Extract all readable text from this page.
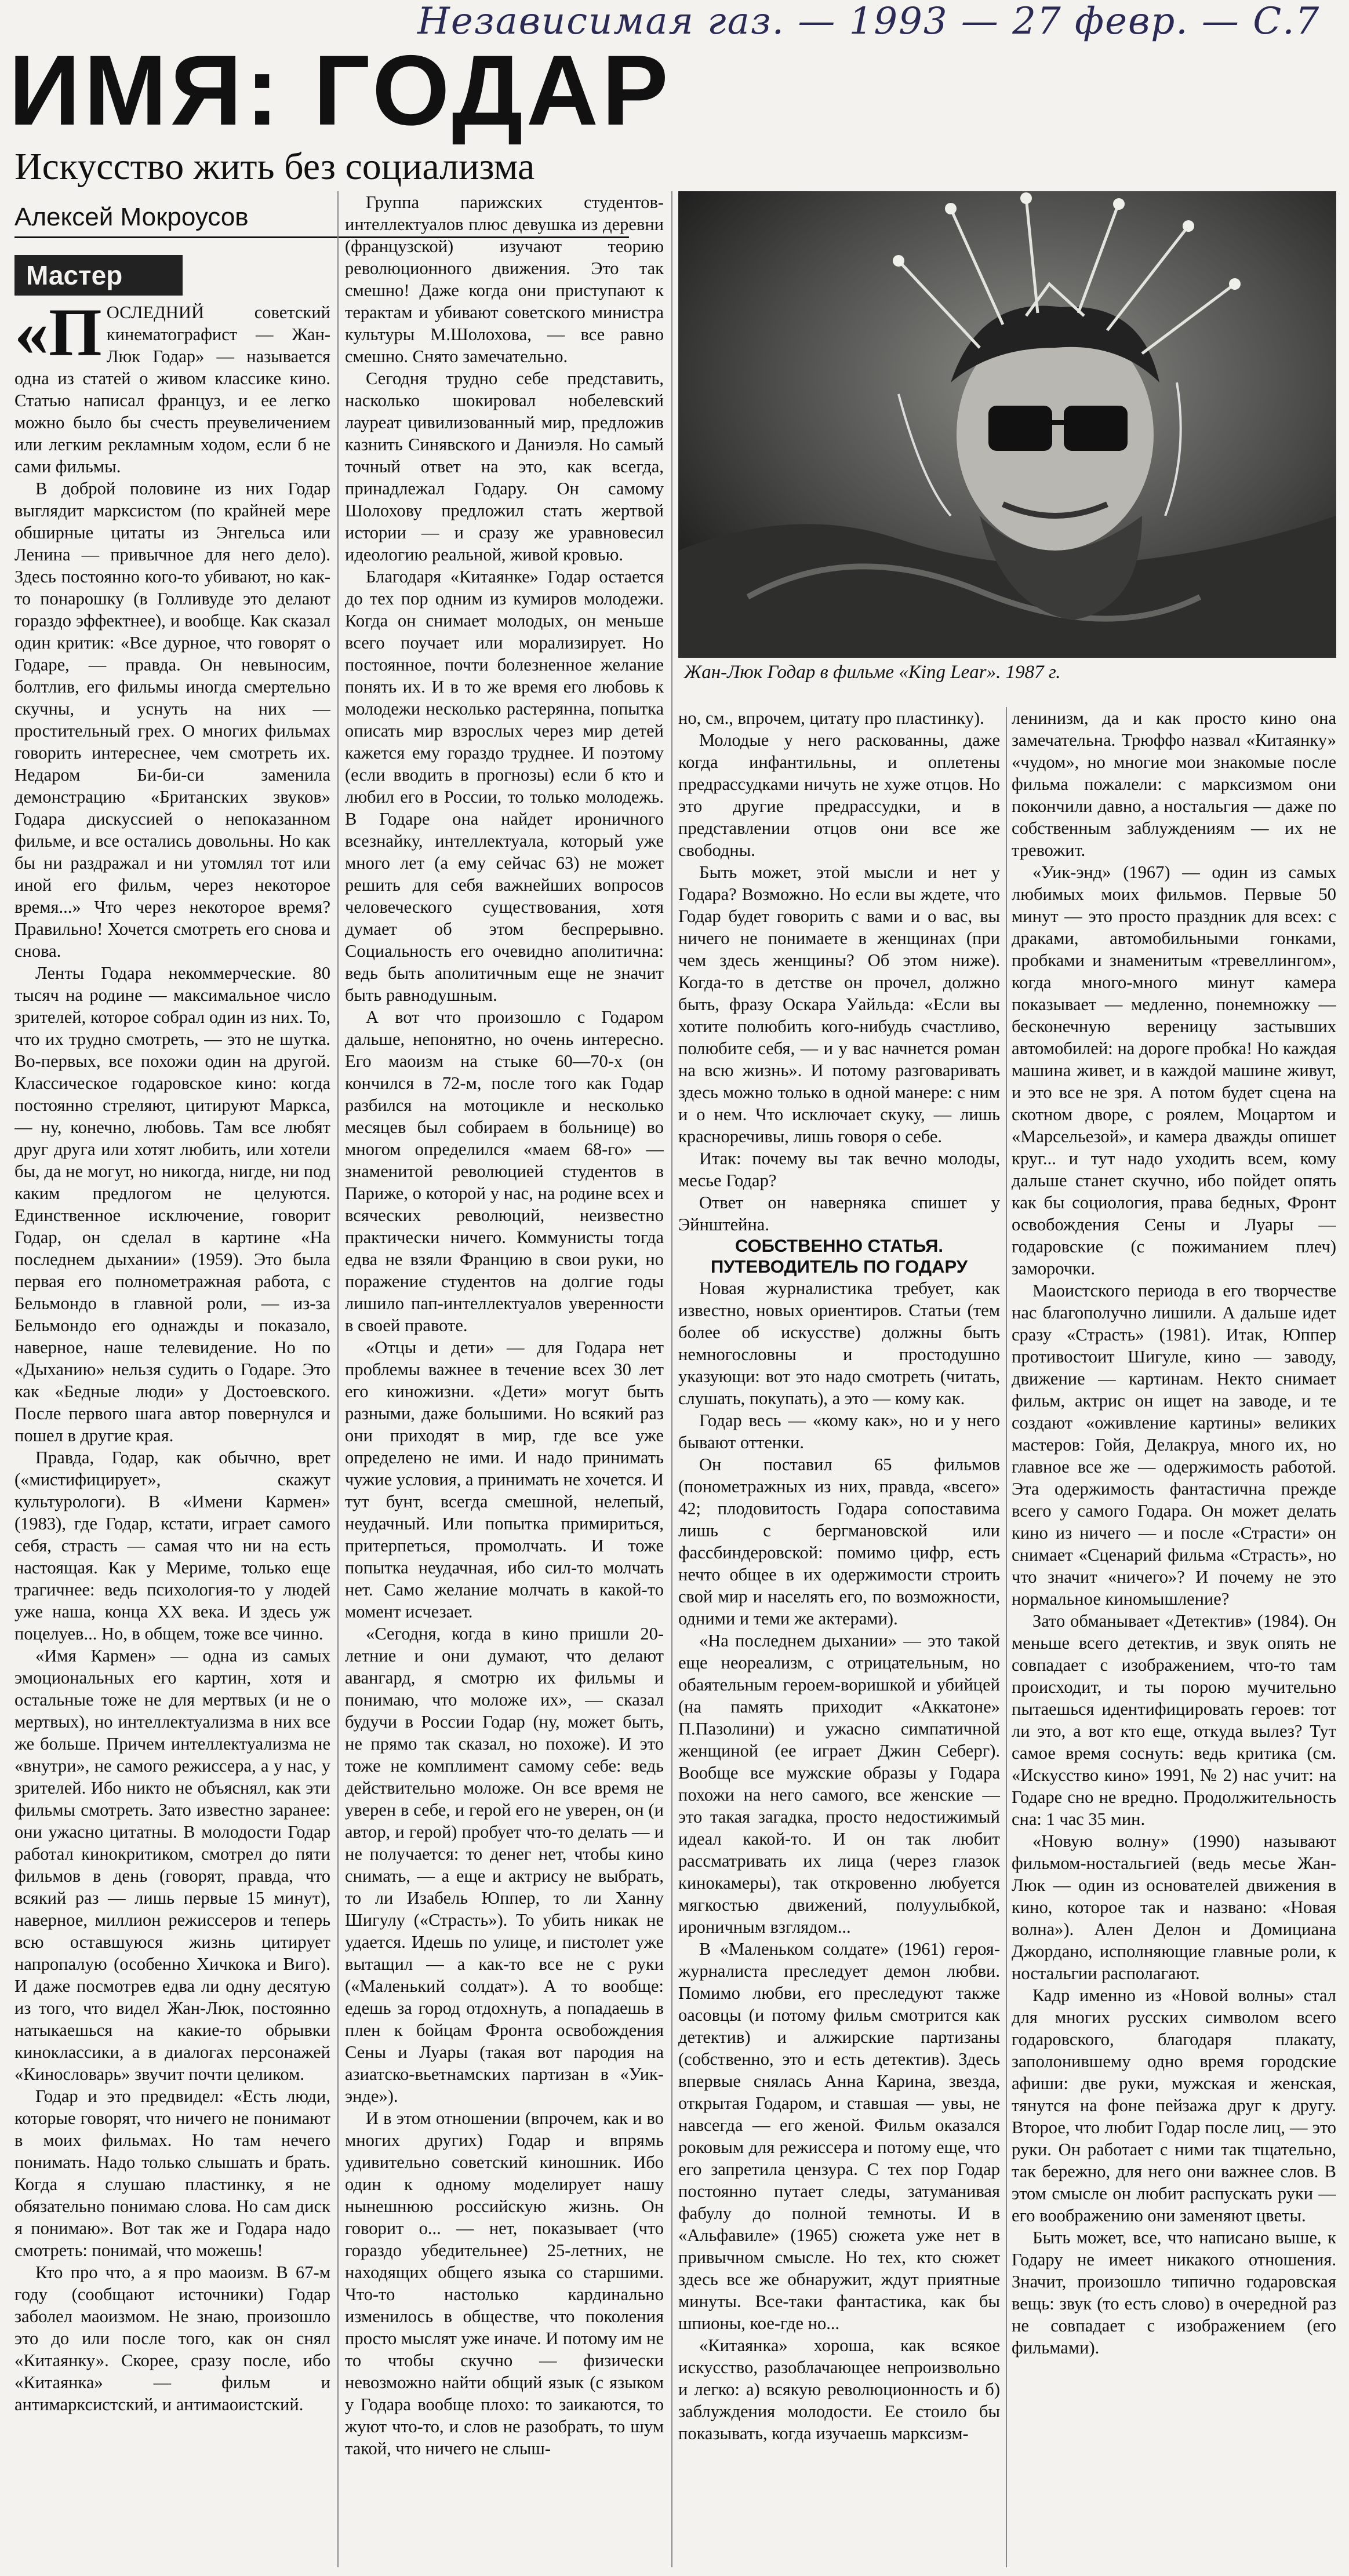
Независимая газ. — 1993 — 27 февр. — С.7
ИМЯ: ГОДАР
Искусство жить без социализма
Алексей Мокроусов
Мастер
Жан-Люк Годар в фильме «King Lear». 1987 г.

«П ОСЛЕДНИЙ советский кинематографист — Жан-Люк Годар» — называется одна из статей о живом классике кино. Статью написал француз, и ее легко можно было бы счесть преувеличением или легким рекламным ходом, если б не сами фильмы.

В доброй половине из них Годар выглядит марксистом (по крайней мере обширные цитаты из Энгельса или Ленина — привычное для него дело). Здесь постоянно кого-то убивают, но как-то понарошку (в Голливуде это делают гораздо эффектнее), и вообще. Как сказал один критик: «Все дурное, что говорят о Годаре, — правда. Он невыносим, болтлив, его фильмы иногда смертельно скучны, и уснуть на них — простительный грех. О многих фильмах говорить интереснее, чем смотреть их. Недаром Би-би-си заменила демонстрацию «Британских звуков» Годара дискуссией о непоказанном фильме, и все остались довольны. Но как бы ни раздражал и ни утомлял тот или иной его фильм, через некоторое время...» Что через некоторое время? Правильно! Хочется смотреть его снова и снова.

Ленты Годара некоммерческие. 80 тысяч на родине — максимальное число зрителей, которое собрал один из них. То, что их трудно смотреть, — это не шутка. Во-первых, все похожи один на другой. Классическое годаровское кино: когда постоянно стреляют, цитируют Маркса, — ну, конечно, любовь. Там все любят друг друга или хотят любить, или хотели бы, да не могут, но никогда, нигде, ни под каким предлогом не целуются. Единственное исключение, говорит Годар, он сделал в картине «На последнем дыхании» (1959). Это была первая его полнометражная работа, с Бельмондо в главной роли, — из-за Бельмондо его однажды и показало, наверное, наше телевидение. Но по «Дыханию» нельзя судить о Годаре. Это как «Бедные люди» у Достоевского. После первого шага автор повернулся и пошел в другие края.

Правда, Годар, как обычно, врет («мистифицирует», скажут культурологи). В «Имени Кармен» (1983), где Годар, кстати, играет самого себя, страсть — самая что ни на есть настоящая. Как у Мериме, только еще трагичнее: ведь психология-то у людей уже наша, конца XX века. И здесь уж поцелуев... Но, в общем, тоже все чинно.

«Имя Кармен» — одна из самых эмоциональных его картин, хотя и остальные тоже не для мертвых (и не о мертвых), но интеллектуализма в них все же больше. Причем интеллектуализма не «внутри», не самого режиссера, а у нас, у зрителей. Ибо никто не объяснял, как эти фильмы смотреть. Зато известно заранее: они ужасно цитатны. В молодости Годар работал кинокритиком, смотрел до пяти фильмов в день (говорят, правда, что всякий раз — лишь первые 15 минут), наверное, миллион режиссеров и теперь всю оставшуюся жизнь цитирует напропалую (особенно Хичкока и Виго). И даже посмотрев едва ли одну десятую из того, что видел Жан-Люк, постоянно натыкаешься на какие-то обрывки киноклассики, а в диалогах персонажей «Киноcловарь» звучит почти целиком.

Годар и это предвидел: «Есть люди, которые говорят, что ничего не понимают в моих фильмах. Но там нечего понимать. Надо только слышать и брать. Когда я слушаю пластинку, я не обязательно понимаю слова. Но сам диск я понимаю». Вот так же и Годара надо смотреть: понимай, что можешь!

Кто про что, а я про маоизм. В 67-м году (сообщают источники) Годар заболел маоизмом. Не знаю, произошло это до или после того, как он снял «Китаянку». Скорее, сразу после, ибо «Китаянка» — фильм и антимарксистский, и антимаоистский.

Группа парижских студентов-интеллектуалов плюс девушка из деревни (французской) изучают теорию революционного движения. Это так смешно! Даже когда они приступают к терактам и убивают советского министра культуры М.Шолохова, — все равно смешно. Снято замечательно.

Сегодня трудно себе представить, насколько шокировал нобелевский лауреат цивилизованный мир, предложив казнить Синявского и Даниэля. Но самый точный ответ на это, как всегда, принадлежал Годару. Он самому Шолохову предложил стать жертвой истории — и сразу же уравновесил идеологию реальной, живой кровью.

Благодаря «Китаянке» Годар остается до тех пор одним из кумиров молодежи. Когда он снимает молодых, он меньше всего поучает или морализирует. Но постоянное, почти болезненное желание понять их. И в то же время его любовь к молодежи несколько растерянна, попытка описать мир взрослых через мир детей кажется ему гораздо труднее. И поэтому (если вводить в прогнозы) если б кто и любил его в России, то только молодежь. В Годаре она найдет ироничного всезнайку, интеллектуала, который уже много лет (а ему сейчас 63) не может решить для себя важнейших вопросов человеческого существования, хотя думает об этом беспрерывно. Социальность его очевидно аполитична: ведь быть аполитичным еще не значит быть равнодушным.

А вот что произошло с Годаром дальше, непонятно, но очень интересно. Его маоизм на стыке 60—70-х (он кончился в 72-м, после того как Годар разбился на мотоцикле и несколько месяцев был собираем в больнице) во многом определился «маем 68-го» — знаменитой революцией студентов в Париже, о которой у нас, на родине всех и всяческих революций, неизвестно практически ничего. Коммунисты тогда едва не взяли Францию в свои руки, но поражение студентов на долгие годы лишило пап-интеллектуалов уверенности в своей правоте.

«Отцы и дети» — для Годара нет проблемы важнее в течение всех 30 лет его киножизни. «Дети» могут быть разными, даже большими. Но всякий раз они приходят в мир, где все уже определено не ими. И надо принимать чужие условия, а принимать не хочется. И тут бунт, всегда смешной, нелепый, неудачный. Или попытка примириться, притерпеться, промолчать. И тоже попытка неудачная, ибо сил-то молчать нет. Само желание молчать в какой-то момент исчезает.

«Сегодня, когда в кино пришли 20-летние и они думают, что делают авангард, я смотрю их фильмы и понимаю, что моложе их», — сказал будучи в России Годар (ну, может быть, не прямо так сказал, но похоже). И это тоже не комплимент самому себе: ведь действительно моложе. Он все время не уверен в себе, и герой его не уверен, он (и автор, и герой) пробует что-то делать — и не получается: то денег нет, чтобы кино снимать, — а еще и актрису не выбрать, то ли Изабель Юппер, то ли Ханну Шигулу («Страсть»). То убить никак не удается. Идешь по улице, и пистолет уже вытащил — а как-то все не с руки («Маленький солдат»). А то вообще: едешь за город отдохнуть, а попадаешь в плен к бойцам Фронта освобождения Сены и Луары (такая вот пародия на азиатско-вьетнамских партизан в «Уик-энде»).

И в этом отношении (впрочем, как и во многих других) Годар и впрямь удивительно советский киношник. Ибо один к одному моделирует нашу нынешнюю российскую жизнь. Он говорит о... — нет, показывает (что гораздо убедительнее) 25-летних, не находящих общего языка со старшими. Что-то настолько кардинально изменилось в обществе, что поколения просто мыслят уже иначе. И потому им не то чтобы скучно — физически невозможно найти общий язык (с языком у Годара вообще плохо: то заикаются, то жуют что-то, и слов не разобрать, то шум такой, что ничего не слыш-

но, см., впрочем, цитату про пластинку).

Молодые у него раскованны, даже когда инфантильны, и оплетены предрассудками ничуть не хуже отцов. Но это другие предрассудки, и в представлении отцов они все же свободны.

Быть может, этой мысли и нет у Годара? Возможно. Но если вы ждете, что Годар будет говорить с вами и о вас, вы ничего не понимаете в женщинах (при чем здесь женщины? Об этом ниже). Когда-то в детстве он прочел, должно быть, фразу Оскара Уайльда: «Если вы хотите полюбить кого-нибудь счастливо, полюбите себя, — и у вас начнется роман на всю жизнь». И потому разговаривать здесь можно только в одной манере: с ним и о нем. Что исключает скуку, — лишь красноречивы, лишь говоря о себе.

Итак: почему вы так вечно молоды, месье Годар?

Ответ он наверняка спишет у Эйнштейна.

СОБСТВЕННО СТАТЬЯ. ПУТЕВОДИТЕЛЬ ПО ГОДАРУ

Новая журналистика требует, как известно, новых ориентиров. Статьи (тем более об искусстве) должны быть немногословны и простодушно указующи: вот это надо смотреть (читать, слушать, покупать), а это — кому как.

Годар весь — «кому как», но и у него бывают оттенки.

Он поставил 65 фильмов (понометражных из них, правда, «всего» 42; плодовитость Годара сопоставима лишь с бергмановской или фассбиндеровской: помимо цифр, есть нечто общее в их одержимости строить свой мир и населять его, по возможности, одними и теми же актерами).

«На последнем дыхании» — это такой еще неореализм, с отрицательным, но обаятельным героем-воришкой и убийцей (на память приходит «Аккатоне» П.Пазолини) и ужасно симпатичной женщиной (ее играет Джин Себерг). Вообще все мужские образы у Годара похожи на него самого, все женские — это такая загадка, просто недостижимый идеал какой-то. И он так любит рассматривать их лица (через глазок кинокамеры), так откровенно любуется мягкостью движений, полуулыбкой, ироничным взглядом...

В «Маленьком солдате» (1961) героя-журналиста преследует демон любви. Помимо любви, его преследуют также оасовцы (и потому фильм смотрится как детектив) и алжирские партизаны (собственно, это и есть детектив). Здесь впервые снялась Анна Карина, звезда, открытая Годаром, и ставшая — увы, не навсегда — его женой. Фильм оказался роковым для режиссера и потому еще, что его запретила цензура. С тех пор Годар постоянно путает следы, затуманивая фабулу до полной темноты. И в «Альфавиле» (1965) сюжета уже нет в привычном смысле. Но тех, кто сюжет здесь все же обнаружит, ждут приятные минуты. Все-таки фантастика, как бы шпионы, кое-где но...

«Китаянка» хороша, как всякое искусство, разоблачающее непроизвольно и легко: а) всякую революционность и б) заблуждения молодости. Ее стоило бы показывать, когда изучаешь марксизм-

ленинизм, да и как просто кино она замечательна. Трюффо назвал «Китаянку» «чудом», но многие мои знакомые после фильма пожалели: с марксизмом они покончили давно, а ностальгия — даже по собственным заблуждениям — их не тревожит.

«Уик-энд» (1967) — один из самых любимых моих фильмов. Первые 50 минут — это просто праздник для всех: с драками, автомобильными гонками, пробками и знаменитым «тревеллингом», когда много-много минут камера показывает — медленно, понемножку — бесконечную вереницу застывших автомобилей: на дороге пробка! Но каждая машина живет, и в каждой машине живут, и это все не зря. А потом будет сцена на скотном дворе, с роялем, Моцартом и «Марсельезой», и камера дважды опишет круг... и тут надо уходить всем, кому дальше станет скучно, ибо пойдет опять как бы социология, права бедных, Фронт освобождения Сены и Луары — годаровские (с пожиманием плеч) заморочки.

Маоистского периода в его творчестве нас благополучно лишили. А дальше идет сразу «Страсть» (1981). Итак, Юппер противостоит Шигуле, кино — заводу, движение — картинам. Некто снимает фильм, актрис он ищет на заводе, и те создают «оживление картины» великих мастеров: Гойя, Делакруа, много их, но главное все же — одержимость работой. Эта одержимость фантастична прежде всего у самого Годара. Он может делать кино из ничего — и после «Страсти» он снимает «Сценарий фильма «Страсть», но что значит «ничего»? И почему не это нормальное киномышление?

Зато обманывает «Детектив» (1984). Он меньше всего детектив, и звук опять не совпадает с изображением, что-то там происходит, и ты порою мучительно пытаешься идентифицировать героев: тот ли это, а вот кто еще, откуда вылез? Тут самое время соснуть: ведь критика (см. «Искусство кино» 1991, № 2) нас учит: на Годаре сно не вредно. Продолжительность сна: 1 час 35 мин.

«Новую волну» (1990) называют фильмом-ностальгией (ведь месье Жан-Люк — один из основателей движения в кино, которое так и названо: «Новая волна»). Ален Делон и Домициана Джордано, исполняющие главные роли, к ностальгии располагают.

Кадр именно из «Новой волны» стал для многих русских символом всего годаровского, благодаря плакату, заполонившему одно время городские афиши: две руки, мужская и женская, тянутся на фоне пейзажа друг к другу. Второе, что любит Годар после лиц, — это руки. Он работает с ними так тщательно, так бережно, для него они важнее слов. В этом смысле он любит распускать руки — его воображению они заменяют цветы.

Быть может, все, что написано выше, к Годару не имеет никакого отношения. Значит, произошло типично годаровская вещь: звук (то есть слово) в очередной раз не совпадает с изображением (его фильмами).
